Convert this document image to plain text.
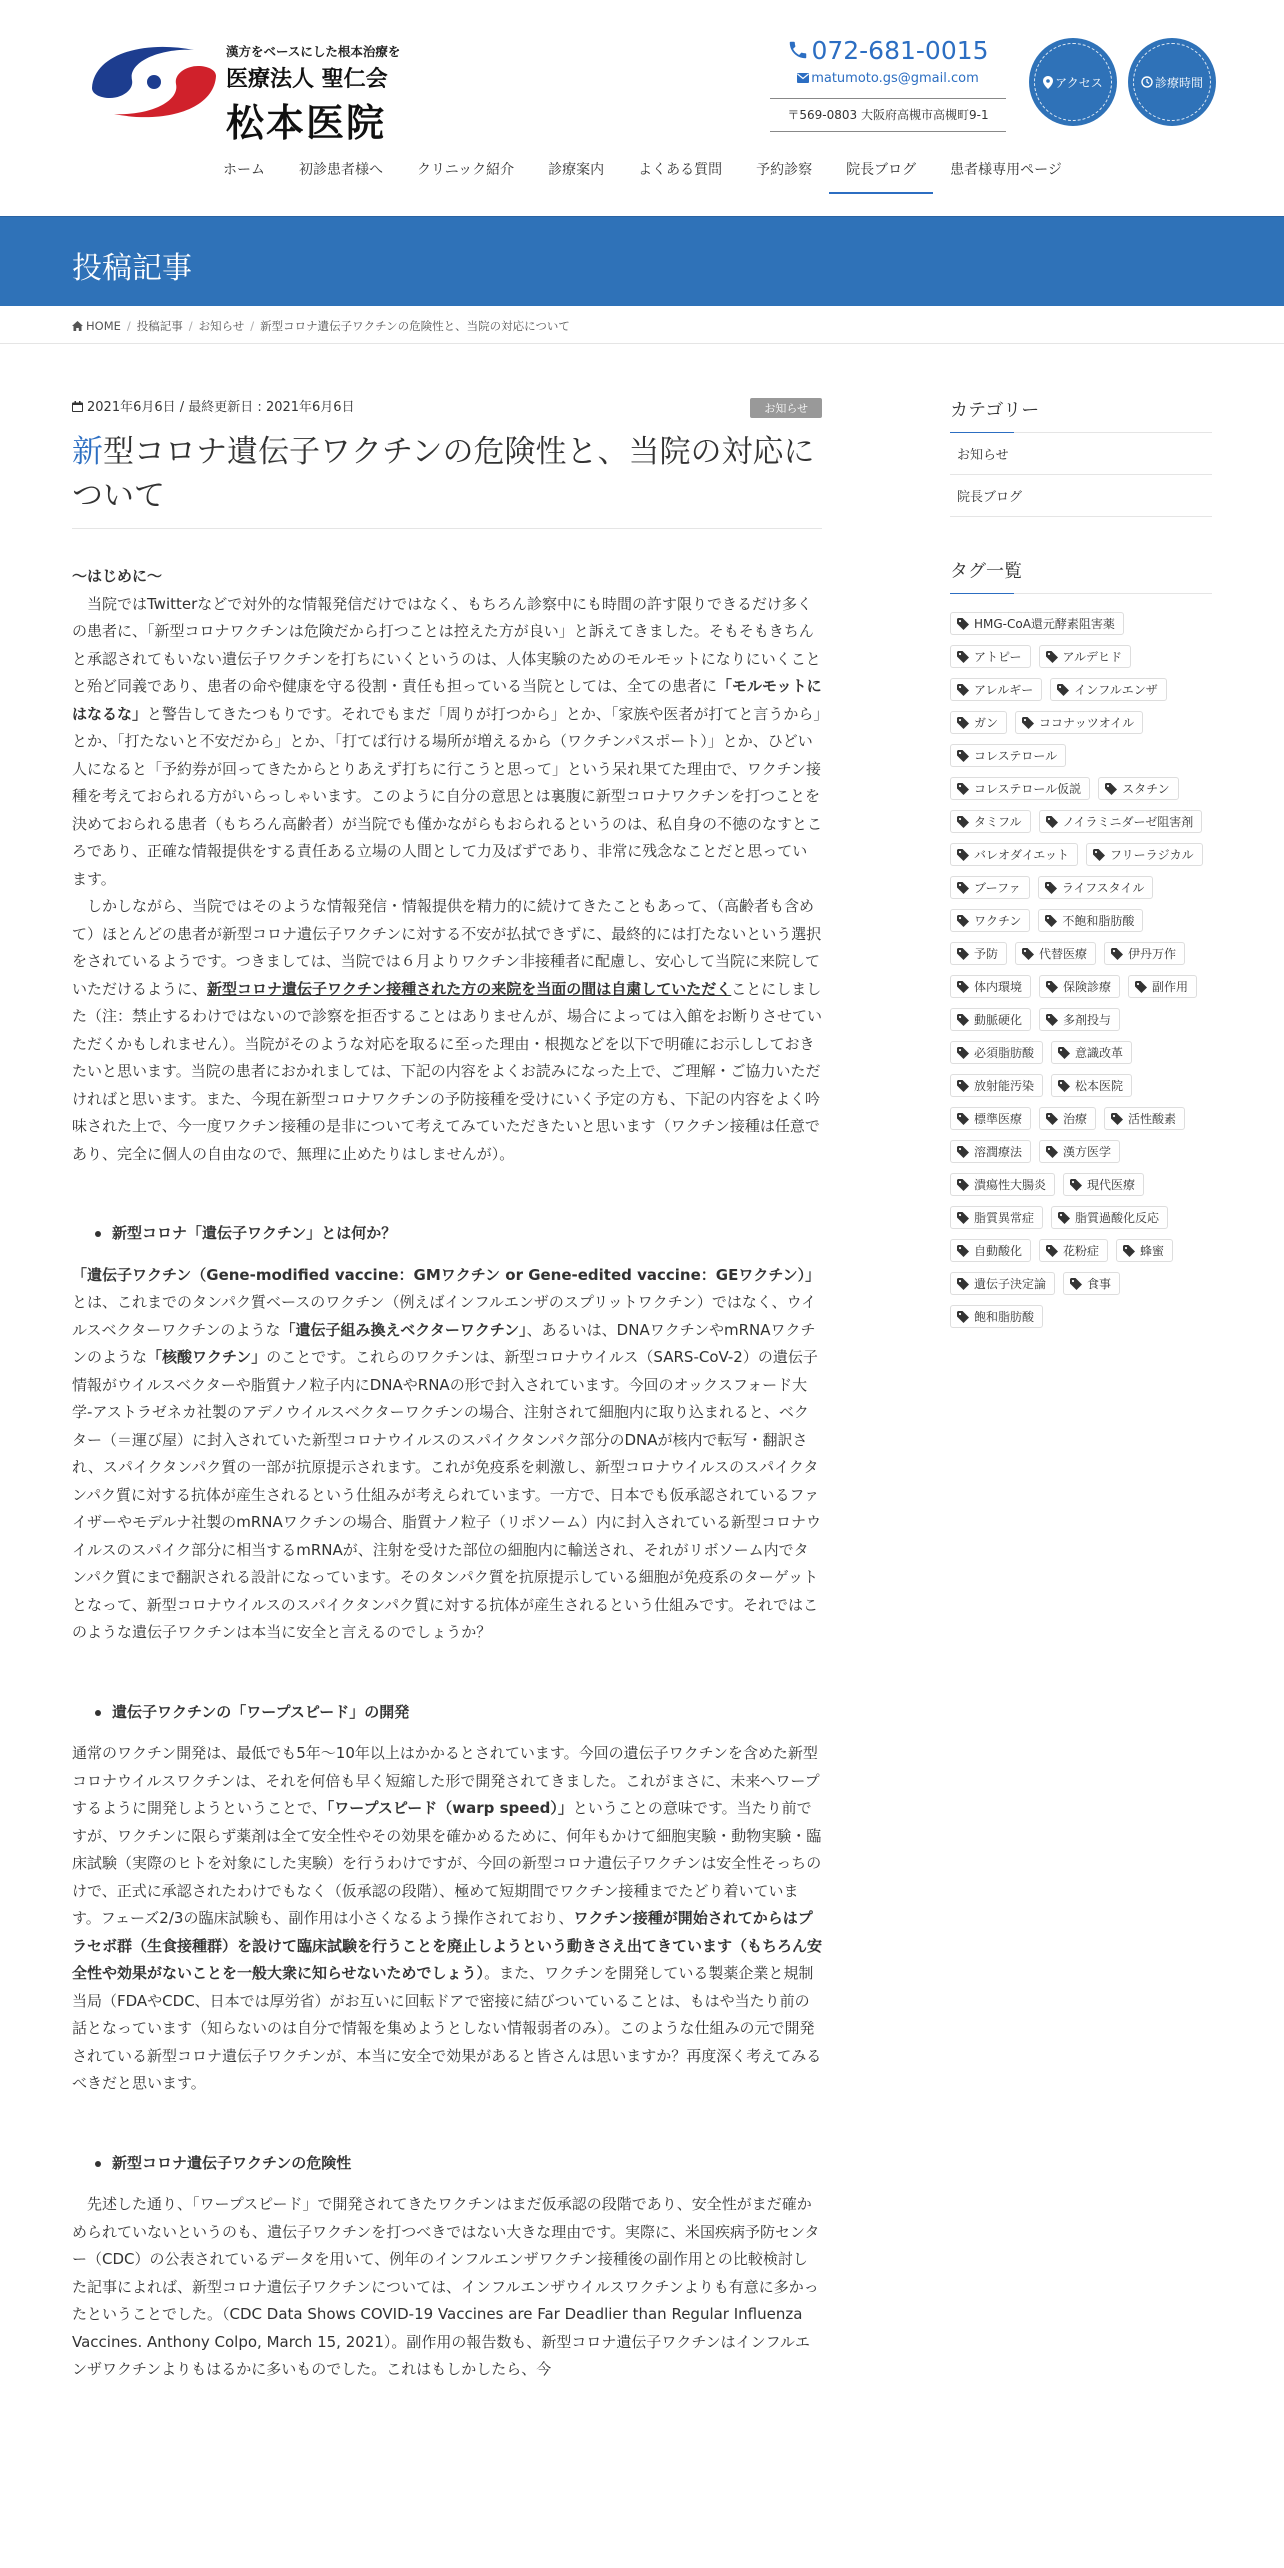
漢方をベースにした根本治療を
医療法人 聖仁会
松本医院
072-681-0015
matumoto.gs@gmail.com
〒569-0803 大阪府高槻市高槻町9-1
アクセス	診療時間
ホーム	初診患者様へ	クリニック紹介	診療案内	よくある質問	予約診察	院長ブログ	患者様専用ページ
投稿記事
HOME / 投稿記事 / お知らせ / 新型コロナ遺伝子ワクチンの危険性と、当院の対応について
2021年6月6日 / 最終更新日 : 2021年6月6日	お知らせ
新型コロナ遺伝子ワクチンの危険性と、当院の対応について

〜はじめに〜

　当院ではTwitterなどで対外的な情報発信だけではなく、もちろん診察中にも時間の許す限りできるだけ多くの患者に、「新型コロナワクチンは危険だから打つことは控えた方が良い」と訴えてきました。そもそもきちんと承認されてもいない遺伝子ワクチンを打ちにいくというのは、人体実験のためのモルモットになりにいくことと殆ど同義であり、患者の命や健康を守る役割・責任も担っている当院としては、全ての患者に「モルモットにはなるな」と警告してきたつもりです。それでもまだ「周りが打つから」とか、「家族や医者が打てと言うから」とか、「打たないと不安だから」とか、「打てば行ける場所が増えるから（ワクチンパスポート）」とか、ひどい人になると「予約券が回ってきたからとりあえず打ちに行こうと思って」という呆れ果てた理由で、ワクチン接種を考えておられる方がいらっしゃいます。このように自分の意思とは裏腹に新型コロナワクチンを打つことを決めておられる患者（もちろん高齢者）が当院でも僅かながらもおられるというのは、私自身の不徳のなすところであり、正確な情報提供をする責任ある立場の人間として力及ばずであり、非常に残念なことだと思っています。

　しかしながら、当院ではそのような情報発信・情報提供を精力的に続けてきたこともあって、（高齢者も含めて）ほとんどの患者が新型コロナ遺伝子ワクチンに対する不安が払拭できずに、最終的には打たないという選択をされているようです。つきましては、当院では６月よりワクチン非接種者に配慮し、安心して当院に来院していただけるように、新型コロナ遺伝子ワクチン接種された方の来院を当面の間は自粛していただくことにしました（注：禁止するわけではないので診察を拒否することはありませんが、場合によっては入館をお断りさせていただくかもしれません）。当院がそのような対応を取るに至った理由・根拠などを以下で明確にお示ししておきたいと思います。当院の患者におかれましては、下記の内容をよくお読みになった上で、ご理解・ご協力いただければと思います。また、今現在新型コロナワクチンの予防接種を受けにいく予定の方も、下記の内容をよく吟味された上で、今一度ワクチン接種の是非について考えてみていただきたいと思います（ワクチン接種は任意であり、完全に個人の自由なので、無理に止めたりはしませんが）。

新型コロナ「遺伝子ワクチン」とは何か？

「遺伝子ワクチン（Gene-modified vaccine：GMワクチン or Gene-edited vaccine：GEワクチン）」とは、これまでのタンパク質ベースのワクチン（例えばインフルエンザのスプリットワクチン）ではなく、ウイルスベクターワクチンのような「遺伝子組み換えベクターワクチン」、あるいは、DNAワクチンやmRNAワクチンのような「核酸ワクチン」のことです。これらのワクチンは、新型コロナウイルス（SARS-CoV-2）の遺伝子情報がウイルスベクターや脂質ナノ粒子内にDNAやRNAの形で封入されています。今回のオックスフォード大学-アストラゼネカ社製のアデノウイルスベクターワクチンの場合、注射されて細胞内に取り込まれると、ベクター（＝運び屋）に封入されていた新型コロナウイルスのスパイクタンパク部分のDNAが核内で転写・翻訳され、スパイクタンパク質の一部が抗原提示されます。これが免疫系を刺激し、新型コロナウイルスのスパイクタンパク質に対する抗体が産生されるという仕組みが考えられています。一方で、日本でも仮承認されているファイザーやモデルナ社製のmRNAワクチンの場合、脂質ナノ粒子（リポソーム）内に封入されている新型コロナウイルスのスパイク部分に相当するmRNAが、注射を受けた部位の細胞内に輸送され、それがリボソーム内でタンパク質にまで翻訳される設計になっています。そのタンパク質を抗原提示している細胞が免疫系のターゲットとなって、新型コロナウイルスのスパイクタンパク質に対する抗体が産生されるという仕組みです。それではこのような遺伝子ワクチンは本当に安全と言えるのでしょうか？

遺伝子ワクチンの「ワープスピード」の開発

通常のワクチン開発は、最低でも5年〜10年以上はかかるとされています。今回の遺伝子ワクチンを含めた新型コロナウイルスワクチンは、それを何倍も早く短縮した形で開発されてきました。これがまさに、未来へワープするように開発しようということで、「ワープスピード（warp speed）」ということの意味です。当たり前ですが、ワクチンに限らず薬剤は全て安全性やその効果を確かめるために、何年もかけて細胞実験・動物実験・臨床試験（実際のヒトを対象にした実験）を行うわけですが、今回の新型コロナ遺伝子ワクチンは安全性そっちのけで、正式に承認されたわけでもなく（仮承認の段階）、極めて短期間でワクチン接種までたどり着いています。フェーズ2/3の臨床試験も、副作用は小さくなるよう操作されており、ワクチン接種が開始されてからはプラセボ群（生食接種群）を設けて臨床試験を行うことを廃止しようという動きさえ出てきています（もちろん安全性や効果がないことを一般大衆に知らせないためでしょう）。また、ワクチンを開発している製薬企業と規制当局（FDAやCDC、日本では厚労省）がお互いに回転ドアで密接に結びついていることは、もはや当たり前の話となっています（知らないのは自分で情報を集めようとしない情報弱者のみ）。このような仕組みの元で開発されている新型コロナ遺伝子ワクチンが、本当に安全で効果があると皆さんは思いますか？再度深く考えてみるべきだと思います。

新型コロナ遺伝子ワクチンの危険性

　先述した通り、「ワープスピード」で開発されてきたワクチンはまだ仮承認の段階であり、安全性がまだ確かめられていないというのも、遺伝子ワクチンを打つべきではない大きな理由です。実際に、米国疾病予防センター（CDC）の公表されているデータを用いて、例年のインフルエンザワクチン接種後の副作用との比較検討した記事によれば、新型コロナ遺伝子ワクチンについては、インフルエンザウイルスワクチンよりも有意に多かったということでした。（CDC Data Shows COVID-19 Vaccines are Far Deadlier than Regular Influenza Vaccines. Anthony Colpo, March 15, 2021）。副作用の報告数も、新型コロナ遺伝子ワクチンはインフルエンザワクチンよりもはるかに多いものでした。これはもしかしたら、今

カテゴリー
お知らせ
院長ブログ
タグ一覧
HMG-CoA還元酵素阻害薬
アトピー	アルデヒド
アレルギー	インフルエンザ
ガン	ココナッツオイル
コレステロール
コレステロール仮説	スタチン
タミフル	ノイラミニダーゼ阻害剤
バレオダイエット	フリーラジカル
ブーファ	ライフスタイル
ワクチン	不飽和脂肪酸
予防	代替医療	伊丹万作
体内環境	保険診療	副作用
動脈硬化	多剤投与
必須脂肪酸	意識改革
放射能汚染	松本医院
標準医療	治療	活性酸素
溶潤療法	漢方医学
潰瘍性大腸炎	現代医療
脂質異常症	脂質過酸化反応
自動酸化	花粉症	蜂蜜
遺伝子決定論	食事
飽和脂肪酸
